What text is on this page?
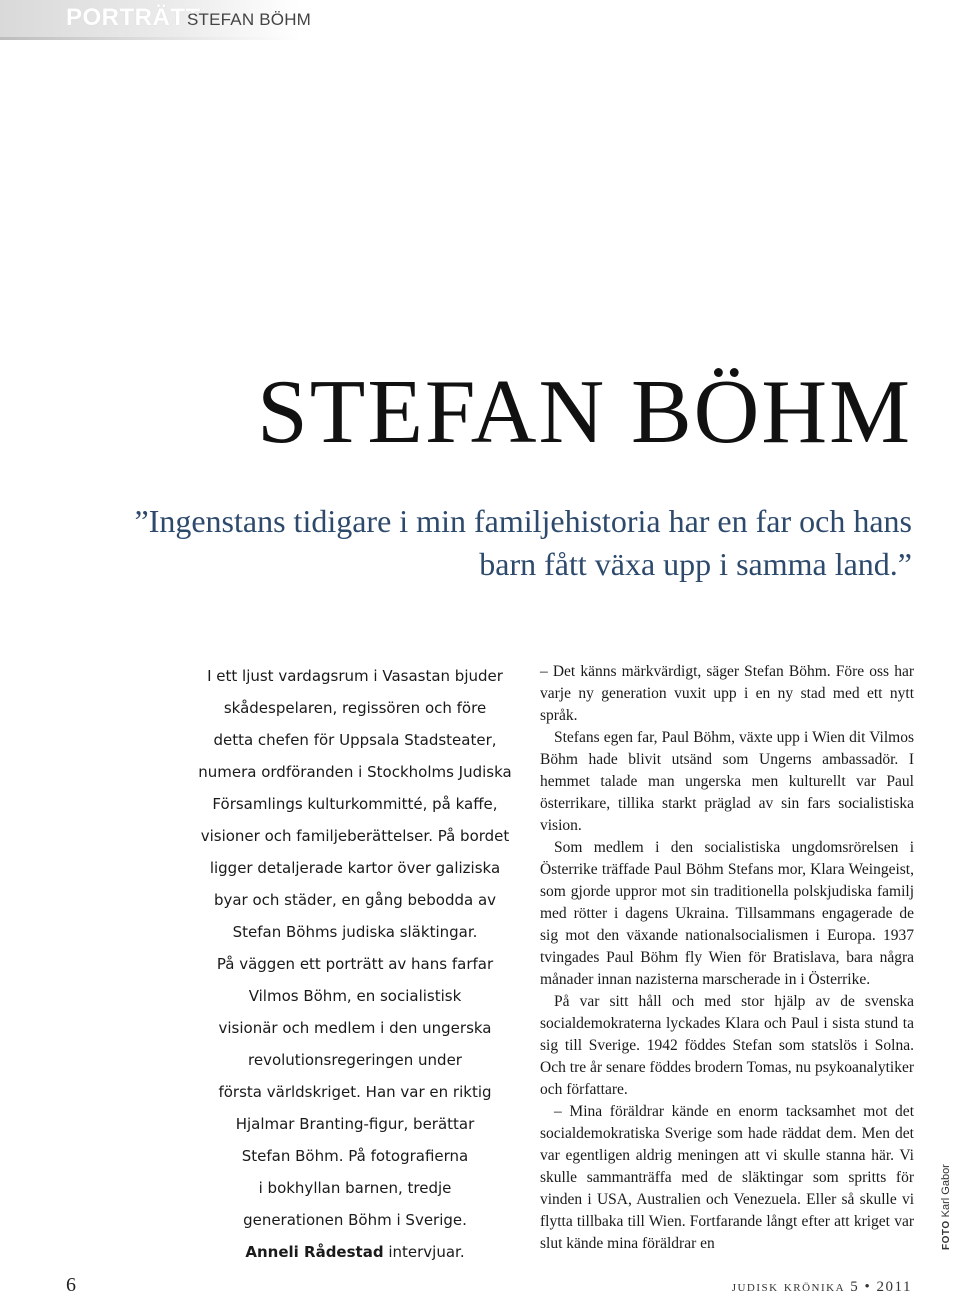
PORTRÄTT
STEFAN BÖHM
STEFAN BÖHM
”Ingenstans tidigare i min familjehistoria har en far och hans barn fått växa upp i samma land.”
I ett ljust vardagsrum i Vasastan bjuder
skådespelaren, regissören och före
detta chefen för Uppsala Stadsteater,
numera ordföranden i Stockholms Judiska
Församlings kulturkommitté, på kaffe,
visioner och familjeberättelser. På bordet
ligger detaljerade kartor över galiziska
byar och städer, en gång bebodda av
Stefan Böhms judiska släktingar.
På väggen ett porträtt av hans farfar
Vilmos Böhm, en socialistisk
visionär och medlem i den ungerska
revolutionsregeringen under
första världskriget. Han var en riktig
Hjalmar Branting-figur, berättar
Stefan Böhm. På fotografierna
i bokhyllan barnen, tredje
generationen Böhm i Sverige.
Anneli Rådestad intervjuar.

– Det känns märkvärdigt, säger Stefan Böhm. Före oss har varje ny generation vuxit upp i en ny stad med ett nytt språk.

Stefans egen far, Paul Böhm, växte upp i Wien dit Vilmos Böhm hade blivit utsänd som Ungerns ambassadör. I hemmet talade man ungerska men kulturellt var Paul österrikare, tillika starkt präglad av sin fars socialistiska vision.

Som medlem i den socialistiska ungdomsrörelsen i Österrike träffade Paul Böhm Stefans mor, Klara Weingeist, som gjorde uppror mot sin traditionella polskjudiska familj med rötter i dagens Ukraina. Tillsammans engagerade de sig mot den växande nationalsocialismen i Europa. 1937 tvingades Paul Böhm fly Wien för Bratislava, bara några månader innan nazisterna marscherade in i Österrike.

På var sitt håll och med stor hjälp av de svenska socialdemokraterna lyckades Klara och Paul i sista stund ta sig till Sverige. 1942 föddes Stefan som statslös i Solna. Och tre år senare föddes brodern Tomas, nu psykoanalytiker och författare.

– Mina föräldrar kände en enorm tacksamhet mot det socialdemokratiska Sverige som hade räddat dem. Men det var egentligen aldrig meningen att vi skulle stanna här. Vi skulle sammanträffa med de släktingar som spritts för vinden i USA, Australien och Venezuela. Eller så skulle vi flytta tillbaka till Wien. Fortfarande långt efter att kriget var slut kände mina föräldrar en	FOTO Karl Gabor
6	judisk krönika 5 • 2011
